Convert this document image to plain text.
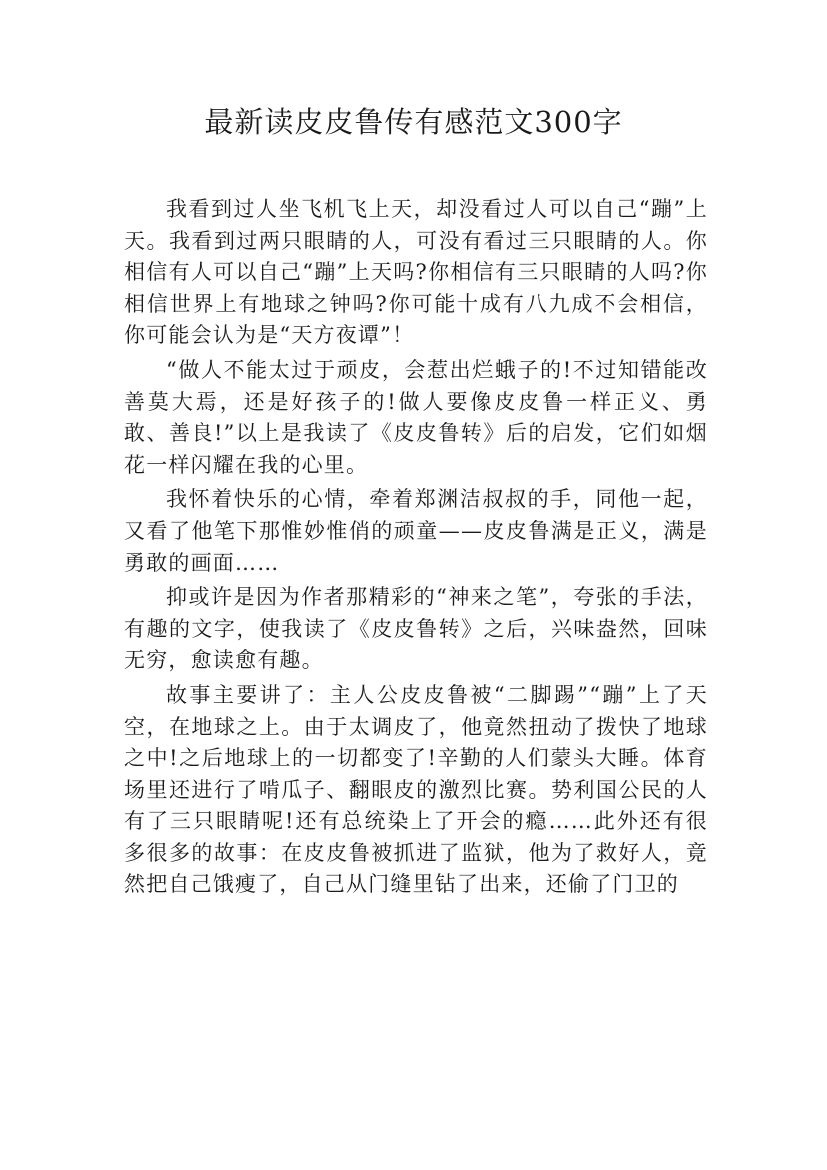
最新读皮皮鲁传有感范文300字

我看到过人坐飞机飞上天，却没看过人可以自己“蹦”上天。我看到过两只眼睛的人，可没有看过三只眼睛的人。你相信有人可以自己“蹦”上天吗?你相信有三只眼睛的人吗?你相信世界上有地球之钟吗?你可能十成有八九成不会相信，你可能会认为是“天方夜谭”！

“做人不能太过于顽皮，会惹出烂蛾子的!不过知错能改善莫大焉，还是好孩子的!做人要像皮皮鲁一样正义、勇敢、善良!”以上是我读了《皮皮鲁转》后的启发，它们如烟花一样闪耀在我的心里。

我怀着快乐的心情，牵着郑渊洁叔叔的手，同他一起，又看了他笔下那惟妙惟俏的顽童——皮皮鲁满是正义，满是勇敢的画面……

抑或许是因为作者那精彩的“神来之笔”，夸张的手法，有趣的文字，使我读了《皮皮鲁转》之后，兴味盎然，回味无穷，愈读愈有趣。

故事主要讲了：主人公皮皮鲁被“二脚踢”“蹦”上了天空，在地球之上。由于太调皮了，他竟然扭动了拨快了地球之中!之后地球上的一切都变了!辛勤的人们蒙头大睡。体育场里还进行了啃瓜子、翻眼皮的激烈比赛。势利国公民的人有了三只眼睛呢!还有总统染上了开会的瘾……此外还有很多很多的故事：在皮皮鲁被抓进了监狱，他为了救好人，竟然把自己饿瘦了，自己从门缝里钻了出来，还偷了门卫的
